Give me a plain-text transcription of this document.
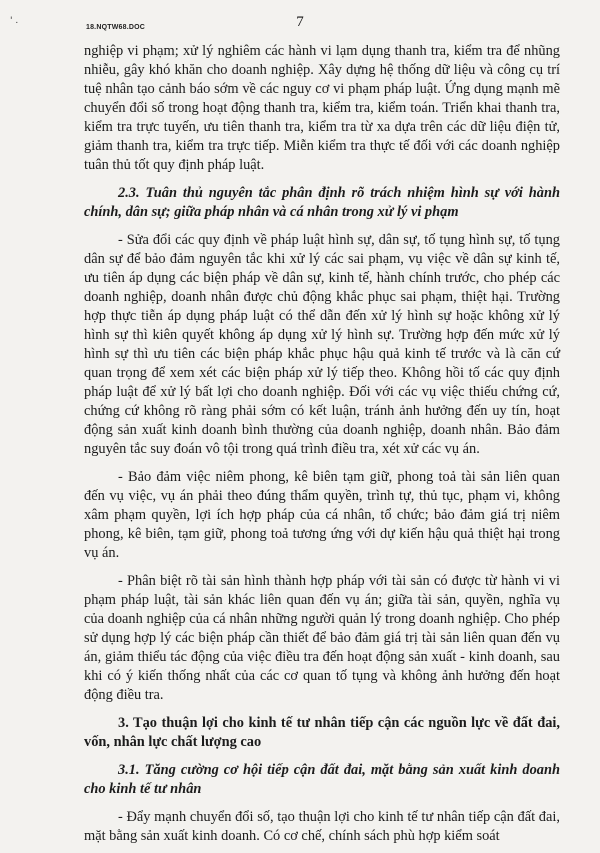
' .
18.NQTW68.DOC	7

nghiệp vi phạm; xử lý nghiêm các hành vi lạm dụng thanh tra, kiểm tra để nhũng nhiễu, gây khó khăn cho doanh nghiệp. Xây dựng hệ thống dữ liệu và công cụ trí tuệ nhân tạo cảnh báo sớm về các nguy cơ vi phạm pháp luật. Ứng dụng mạnh mẽ chuyển đổi số trong hoạt động thanh tra, kiểm tra, kiểm toán. Triển khai thanh tra, kiểm tra trực tuyến, ưu tiên thanh tra, kiểm tra từ xa dựa trên các dữ liệu điện tử, giảm thanh tra, kiểm tra trực tiếp. Miễn kiểm tra thực tế đối với các doanh nghiệp tuân thủ tốt quy định pháp luật.

2.3. Tuân thủ nguyên tắc phân định rõ trách nhiệm hình sự với hành chính, dân sự; giữa pháp nhân và cá nhân trong xử lý vi phạm

- Sửa đổi các quy định về pháp luật hình sự, dân sự, tố tụng hình sự, tố tụng dân sự để bảo đảm nguyên tắc khi xử lý các sai phạm, vụ việc về dân sự kinh tế, ưu tiên áp dụng các biện pháp về dân sự, kinh tế, hành chính trước, cho phép các doanh nghiệp, doanh nhân được chủ động khắc phục sai phạm, thiệt hại. Trường hợp thực tiễn áp dụng pháp luật có thể dẫn đến xử lý hình sự hoặc không xử lý hình sự thì kiên quyết không áp dụng xử lý hình sự. Trường hợp đến mức xử lý hình sự thì ưu tiên các biện pháp khắc phục hậu quả kinh tế trước và là căn cứ quan trọng để xem xét các biện pháp xử lý tiếp theo. Không hồi tố các quy định pháp luật để xử lý bất lợi cho doanh nghiệp. Đối với các vụ việc thiếu chứng cứ, chứng cứ không rõ ràng phải sớm có kết luận, tránh ảnh hưởng đến uy tín, hoạt động sản xuất kinh doanh bình thường của doanh nghiệp, doanh nhân. Bảo đảm nguyên tắc suy đoán vô tội trong quá trình điều tra, xét xử các vụ án.

- Bảo đảm việc niêm phong, kê biên tạm giữ, phong toả tài sản liên quan đến vụ việc, vụ án phải theo đúng thẩm quyền, trình tự, thủ tục, phạm vi, không xâm phạm quyền, lợi ích hợp pháp của cá nhân, tổ chức; bảo đảm giá trị niêm phong, kê biên, tạm giữ, phong toả tương ứng với dự kiến hậu quả thiệt hại trong vụ án.

- Phân biệt rõ tài sản hình thành hợp pháp với tài sản có được từ hành vi vi phạm pháp luật, tài sản khác liên quan đến vụ án; giữa tài sản, quyền, nghĩa vụ của doanh nghiệp của cá nhân những người quản lý trong doanh nghiệp. Cho phép sử dụng hợp lý các biện pháp cần thiết để bảo đảm giá trị tài sản liên quan đến vụ án, giảm thiểu tác động của việc điều tra đến hoạt động sản xuất - kinh doanh, sau khi có ý kiến thống nhất của các cơ quan tố tụng và không ảnh hưởng đến hoạt động điều tra.

3. Tạo thuận lợi cho kinh tế tư nhân tiếp cận các nguồn lực về đất đai, vốn, nhân lực chất lượng cao
3.1. Tăng cường cơ hội tiếp cận đất đai, mặt bằng sản xuất kinh doanh cho kinh tế tư nhân

- Đẩy mạnh chuyển đổi số, tạo thuận lợi cho kinh tế tư nhân tiếp cận đất đai, mặt bằng sản xuất kinh doanh. Có cơ chế, chính sách phù hợp kiểm soát
